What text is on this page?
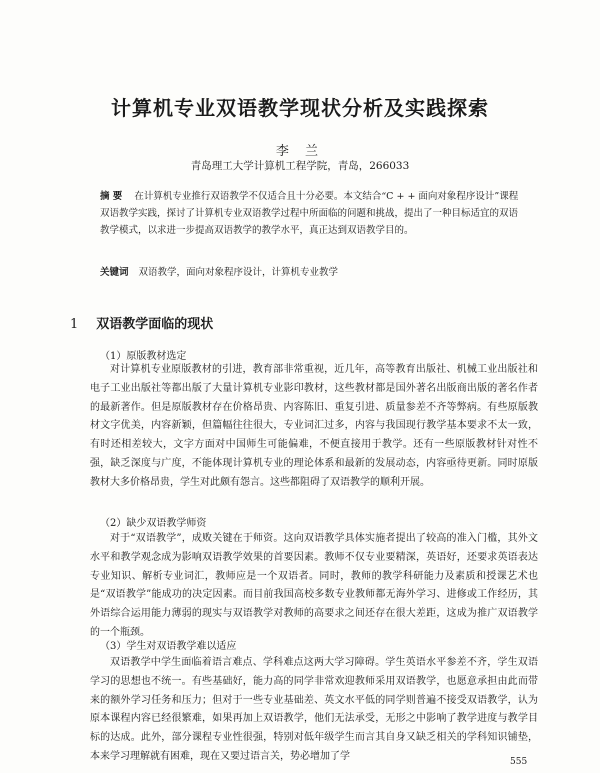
计算机专业双语教学现状分析及实践探索
李 兰
青岛理工大学计算机工程学院，青岛，266033

摘 要 在计算机专业推行双语教学不仅适合且十分必要。本文结合“C + + 面向对象程序设计”课程双语教学实践，探讨了计算机专业双语教学过程中所面临的问题和挑战，提出了一种目标适宜的双语教学模式，以求进一步提高双语教学的教学水平，真正达到双语教学目的。

关键词 双语教学，面向对象程序设计，计算机专业教学
1 双语教学面临的现状
（1）原版教材选定

对计算机专业原版教材的引进，教育部非常重视，近几年，高等教育出版社、机械工业出版社和电子工业出版社等都出版了大量计算机专业影印教材，这些教材都是国外著名出版商出版的著名作者的最新著作。但是原版教材存在价格昂贵、内容陈旧、重复引进、质量参差不齐等弊病。有些原版教材文字优美，内容新颖，但篇幅往往很大，专业词汇过多，内容与我国现行教学基本要求不太一致，有时还相差较大，文字方面对中国师生可能偏难，不便直接用于教学。还有一些原版教材针对性不强，缺乏深度与广度，不能体现计算机专业的理论体系和最新的发展动态，内容亟待更新。同时原版教材大多价格昂贵，学生对此颇有怨言。这些都阻碍了双语教学的顺利开展。

（2）缺少双语教学师资

对于“双语教学”，成败关键在于师资。这向双语教学具体实施者提出了较高的准入门槛，其外文水平和教学观念成为影响双语教学效果的首要因素。教师不仅专业要精深，英语好，还要求英语表达专业知识、解析专业词汇，教师应是一个双语者。同时，教师的教学科研能力及素质和授课艺术也是“双语教学”能成功的决定因素。而目前我国高校多数专业教师都无海外学习、进修或工作经历，其外语综合运用能力薄弱的现实与双语教学对教师的高要求之间还存在很大差距，这成为推广双语教学的一个瓶颈。

（3）学生对双语教学难以适应

双语教学中学生面临着语言难点、学科难点这两大学习障碍。学生英语水平参差不齐，学生双语学习的思想也不统一。有些基础好，能力高的同学非常欢迎教师采用双语教学，也愿意承担由此而带来的额外学习任务和压力；但对于一些专业基础差、英文水平低的同学则普遍不接受双语教学，认为原本课程内容已经很繁难，如果再加上双语教学，他们无法承受，无形之中影响了教学进度与教学目标的达成。此外，部分课程专业性很强，特别对低年级学生而言其自身又缺乏相关的学科知识铺垫，本来学习理解就有困难，现在又要过语言关，势必增加了学

555
